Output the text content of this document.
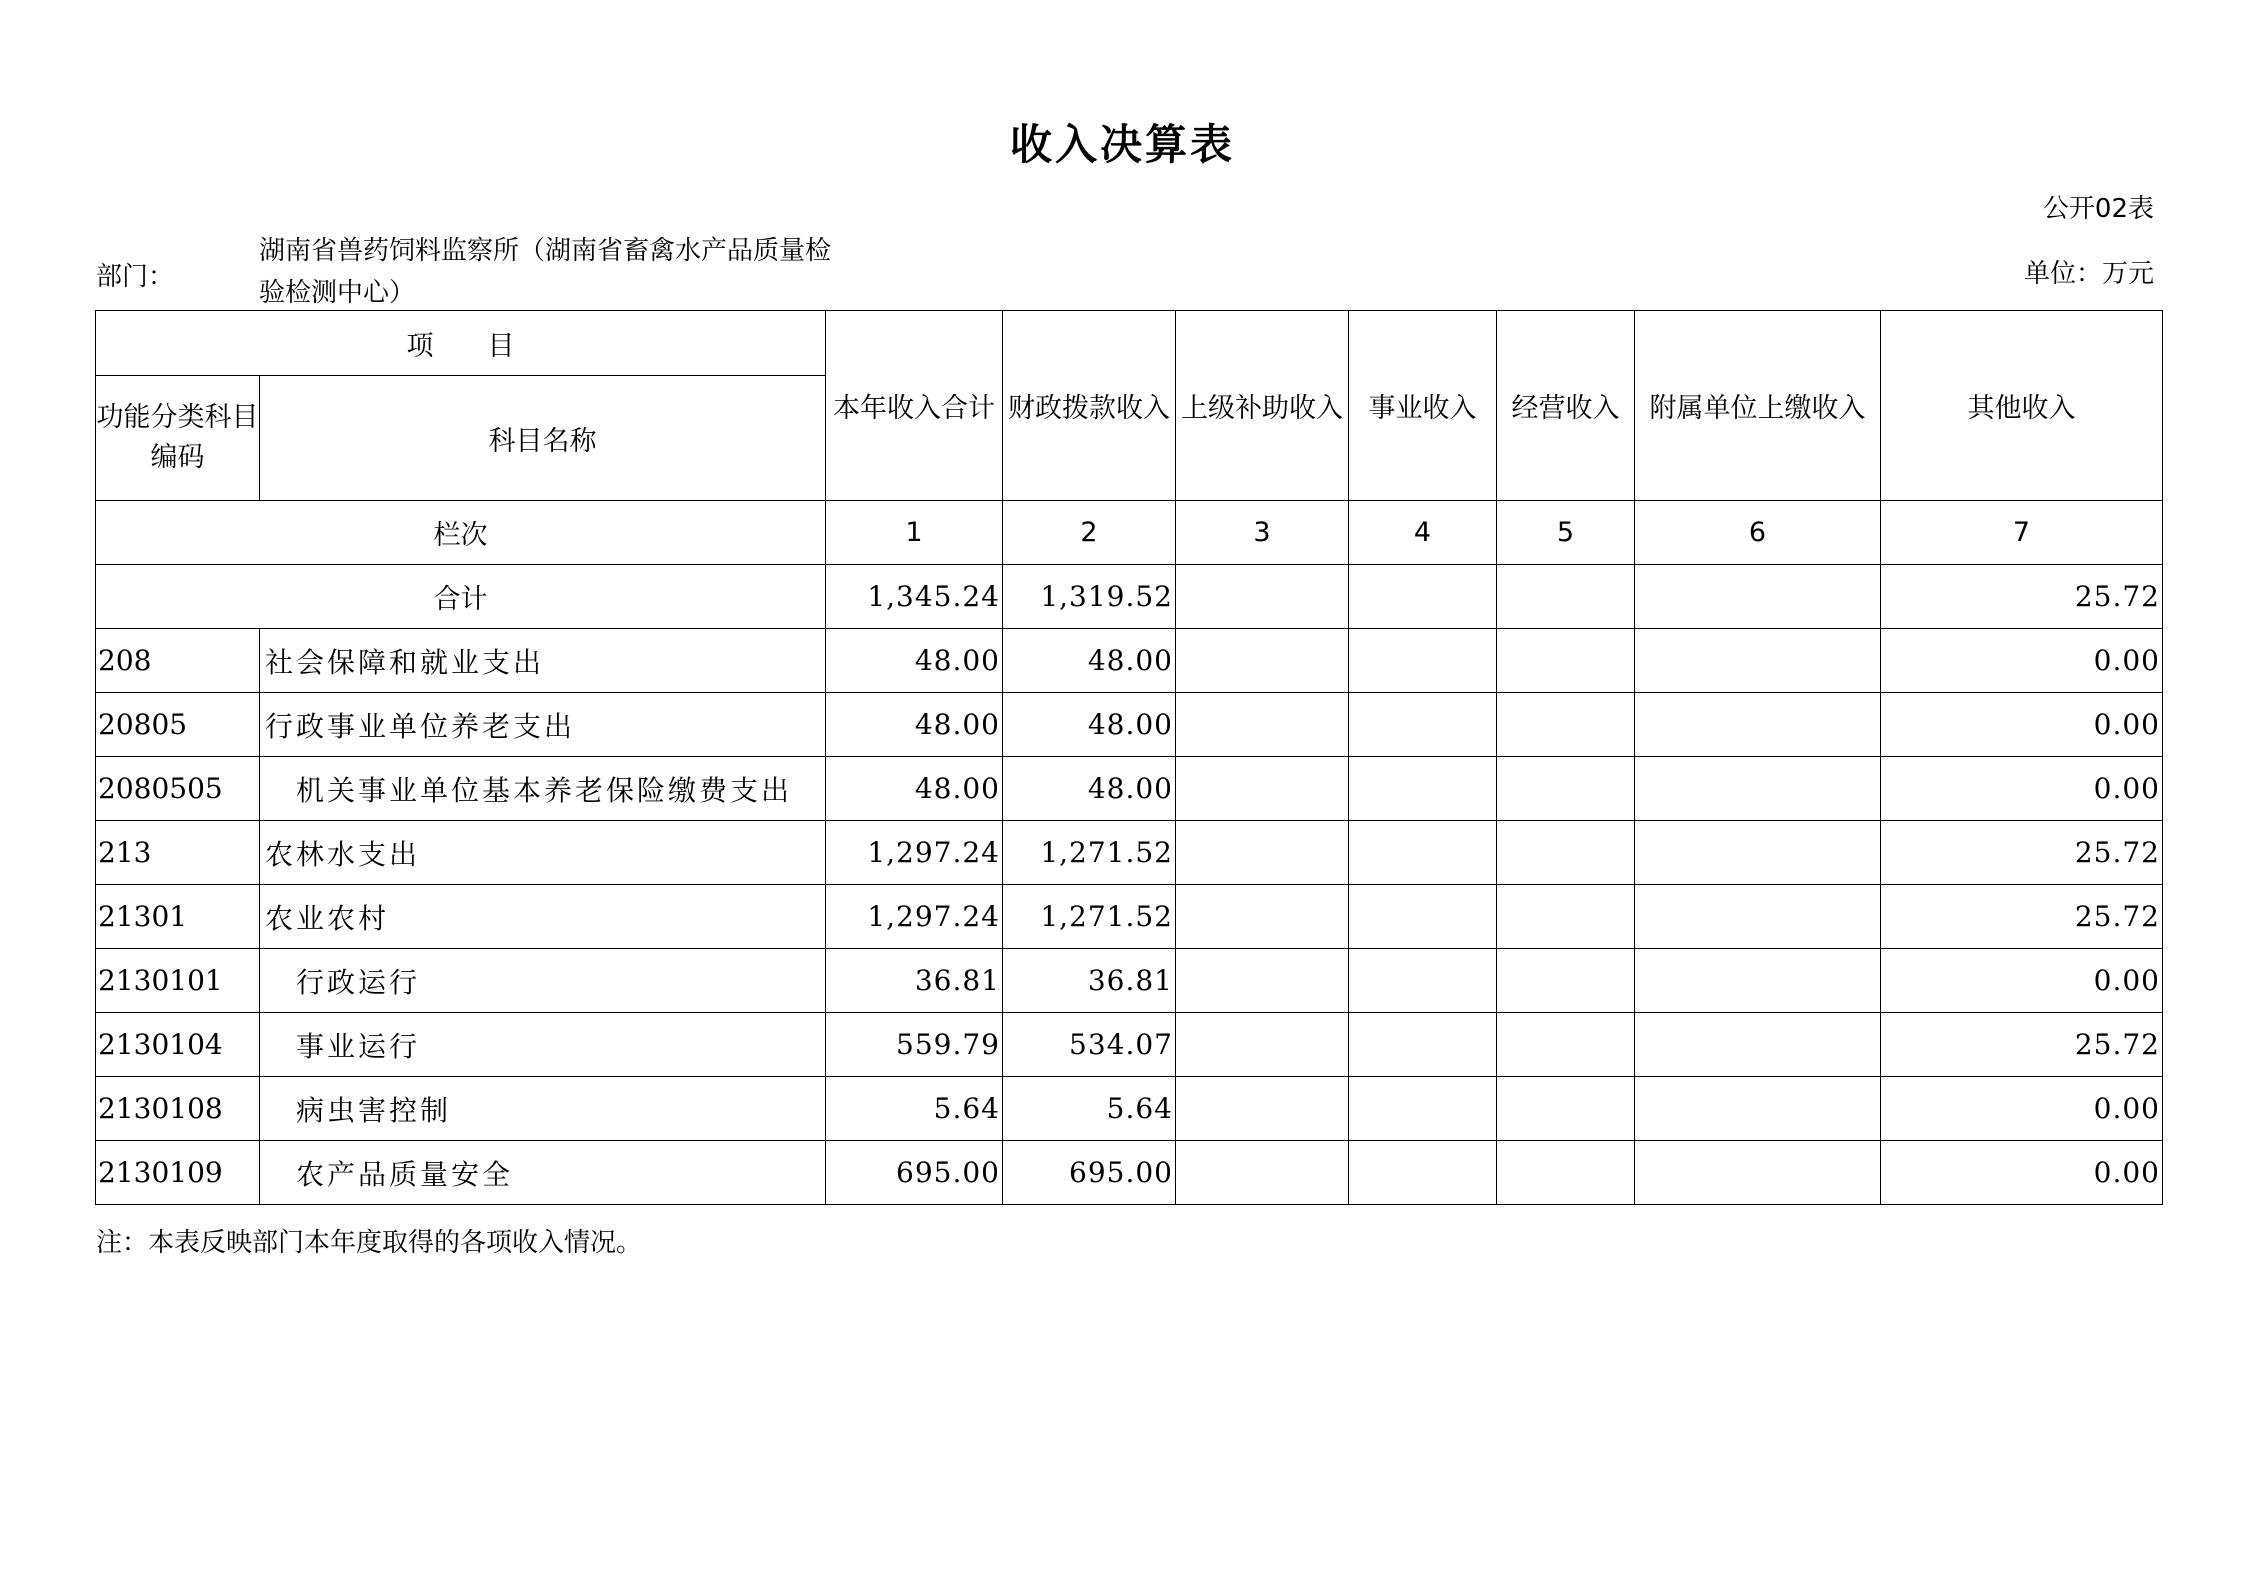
收入决算表
公开02表
部门：
湖南省兽药饲料监察所（湖南省畜禽水产品质量检验检测中心）
单位：万元
项　　目		本年收入合计	财政拨款收入	上级补助收入	事业收入	经营收入	附属单位上缴收入	其他收入
功能分类科目编码	科目名称							
栏次		1	2	3	4	5	6	7
合计		1,345.24	1,319.52					25.72
208	社会保障和就业支出	48.00	48.00					0.00
20805	行政事业单位养老支出	48.00	48.00					0.00
2080505	机关事业单位基本养老保险缴费支出	48.00	48.00					0.00
213	农林水支出	1,297.24	1,271.52					25.72
21301	农业农村	1,297.24	1,271.52					25.72
2130101	行政运行	36.81	36.81					0.00
2130104	事业运行	559.79	534.07					25.72
2130108	病虫害控制	5.64	5.64					0.00
2130109	农产品质量安全	695.00	695.00					0.00
注：本表反映部门本年度取得的各项收入情况。
